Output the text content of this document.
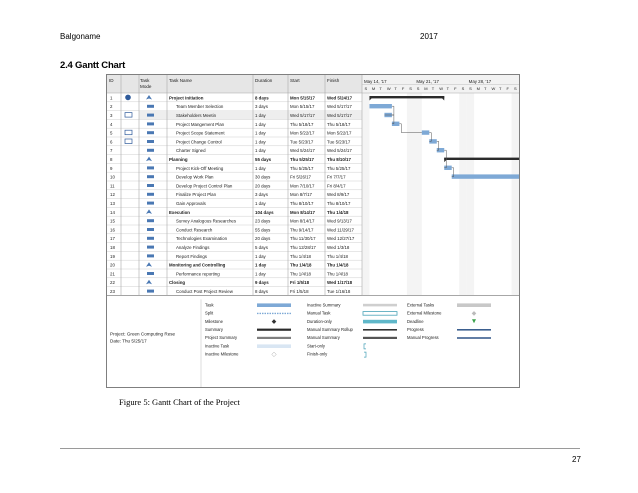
Balgoname	2017
2.4 Gantt Chart
ID	Task
Mode
Task Name	Duration	Start	Finish	May 14, '17	May 21, '17	May 28, '17
S M T W T F S S M T W T F S S M T W T F S
1	Project Initiation	8 days	Mon 5/15/17	Wed 5/24/17
2	Team Member Selection	3 days	Mon 5/15/17	Wed 5/17/17
3	Stakeholders Meetin	1 day	Wed 5/17/17	Wed 5/17/17
4	Project Mangement Plan	1 day	Thu 5/18/17	Thu 5/18/17
5	Project Scope Statement	1 day	Mon 5/22/17	Mon 5/22/17
6	Project Change Control	1 day	Tue 5/23/17	Tue 5/23/17
7	Charter Signed	1 day	Wed 5/24/17	Wed 5/24/17
8	Planning	55 days	Thu 5/25/17	Thu 8/10/17
9	Project Kick-Off Meeting	1 day	Thu 5/25/17	Thu 5/25/17
10	Develop Work Plan	30 days	Fri 5/26/17	Fri 7/7/17
11	Develop Project Control Plan	20 days	Mon 7/10/17	Fri 8/4/17
12	Finalize Project Plan	3 days	Mon 8/7/17	Wed 8/9/17
13	Gain Approvals	1 day	Thu 8/10/17	Thu 8/10/17
14	Execution	104 days	Mon 8/14/17	Thu 1/4/18
15	Survey Analogous Researches	23 days	Mon 8/14/17	Wed 9/13/17
16	Conduct Research	55 days	Thu 9/14/17	Wed 11/29/17
17	Technologies Examination	20 days	Thu 11/30/17	Wed 12/27/17
18	Analyze Findings	5 days	Thu 12/28/17	Wed 1/3/18
19	Report Findings	1 day	Thu 1/4/18	Thu 1/4/18
20	Monitoring and Controlling	1 day	Thu 1/4/18	Thu 1/4/18
21	Performance reporting	1 day	Thu 1/4/18	Thu 1/4/18
22	Closing	9 days	Fri 1/5/18	Wed 1/17/18
23	Conduct Post Project Review	8 days	Fri 1/5/18	Tue 1/16/18
Project: Green Computing Rese
Date: Thu 5/25/17
Task
Split
Milestone
Summary
Project Summary
Inactive Task
Inactive Milestone
Inactive Summary
Manual Task
Duration-only
Manual Summary Rollup
Manual Summary
Start-only
Finish-only
External Tasks
External Milestone
Deadline
Progress
Manual Progress
Figure 5: Gantt Chart of the Project
27
